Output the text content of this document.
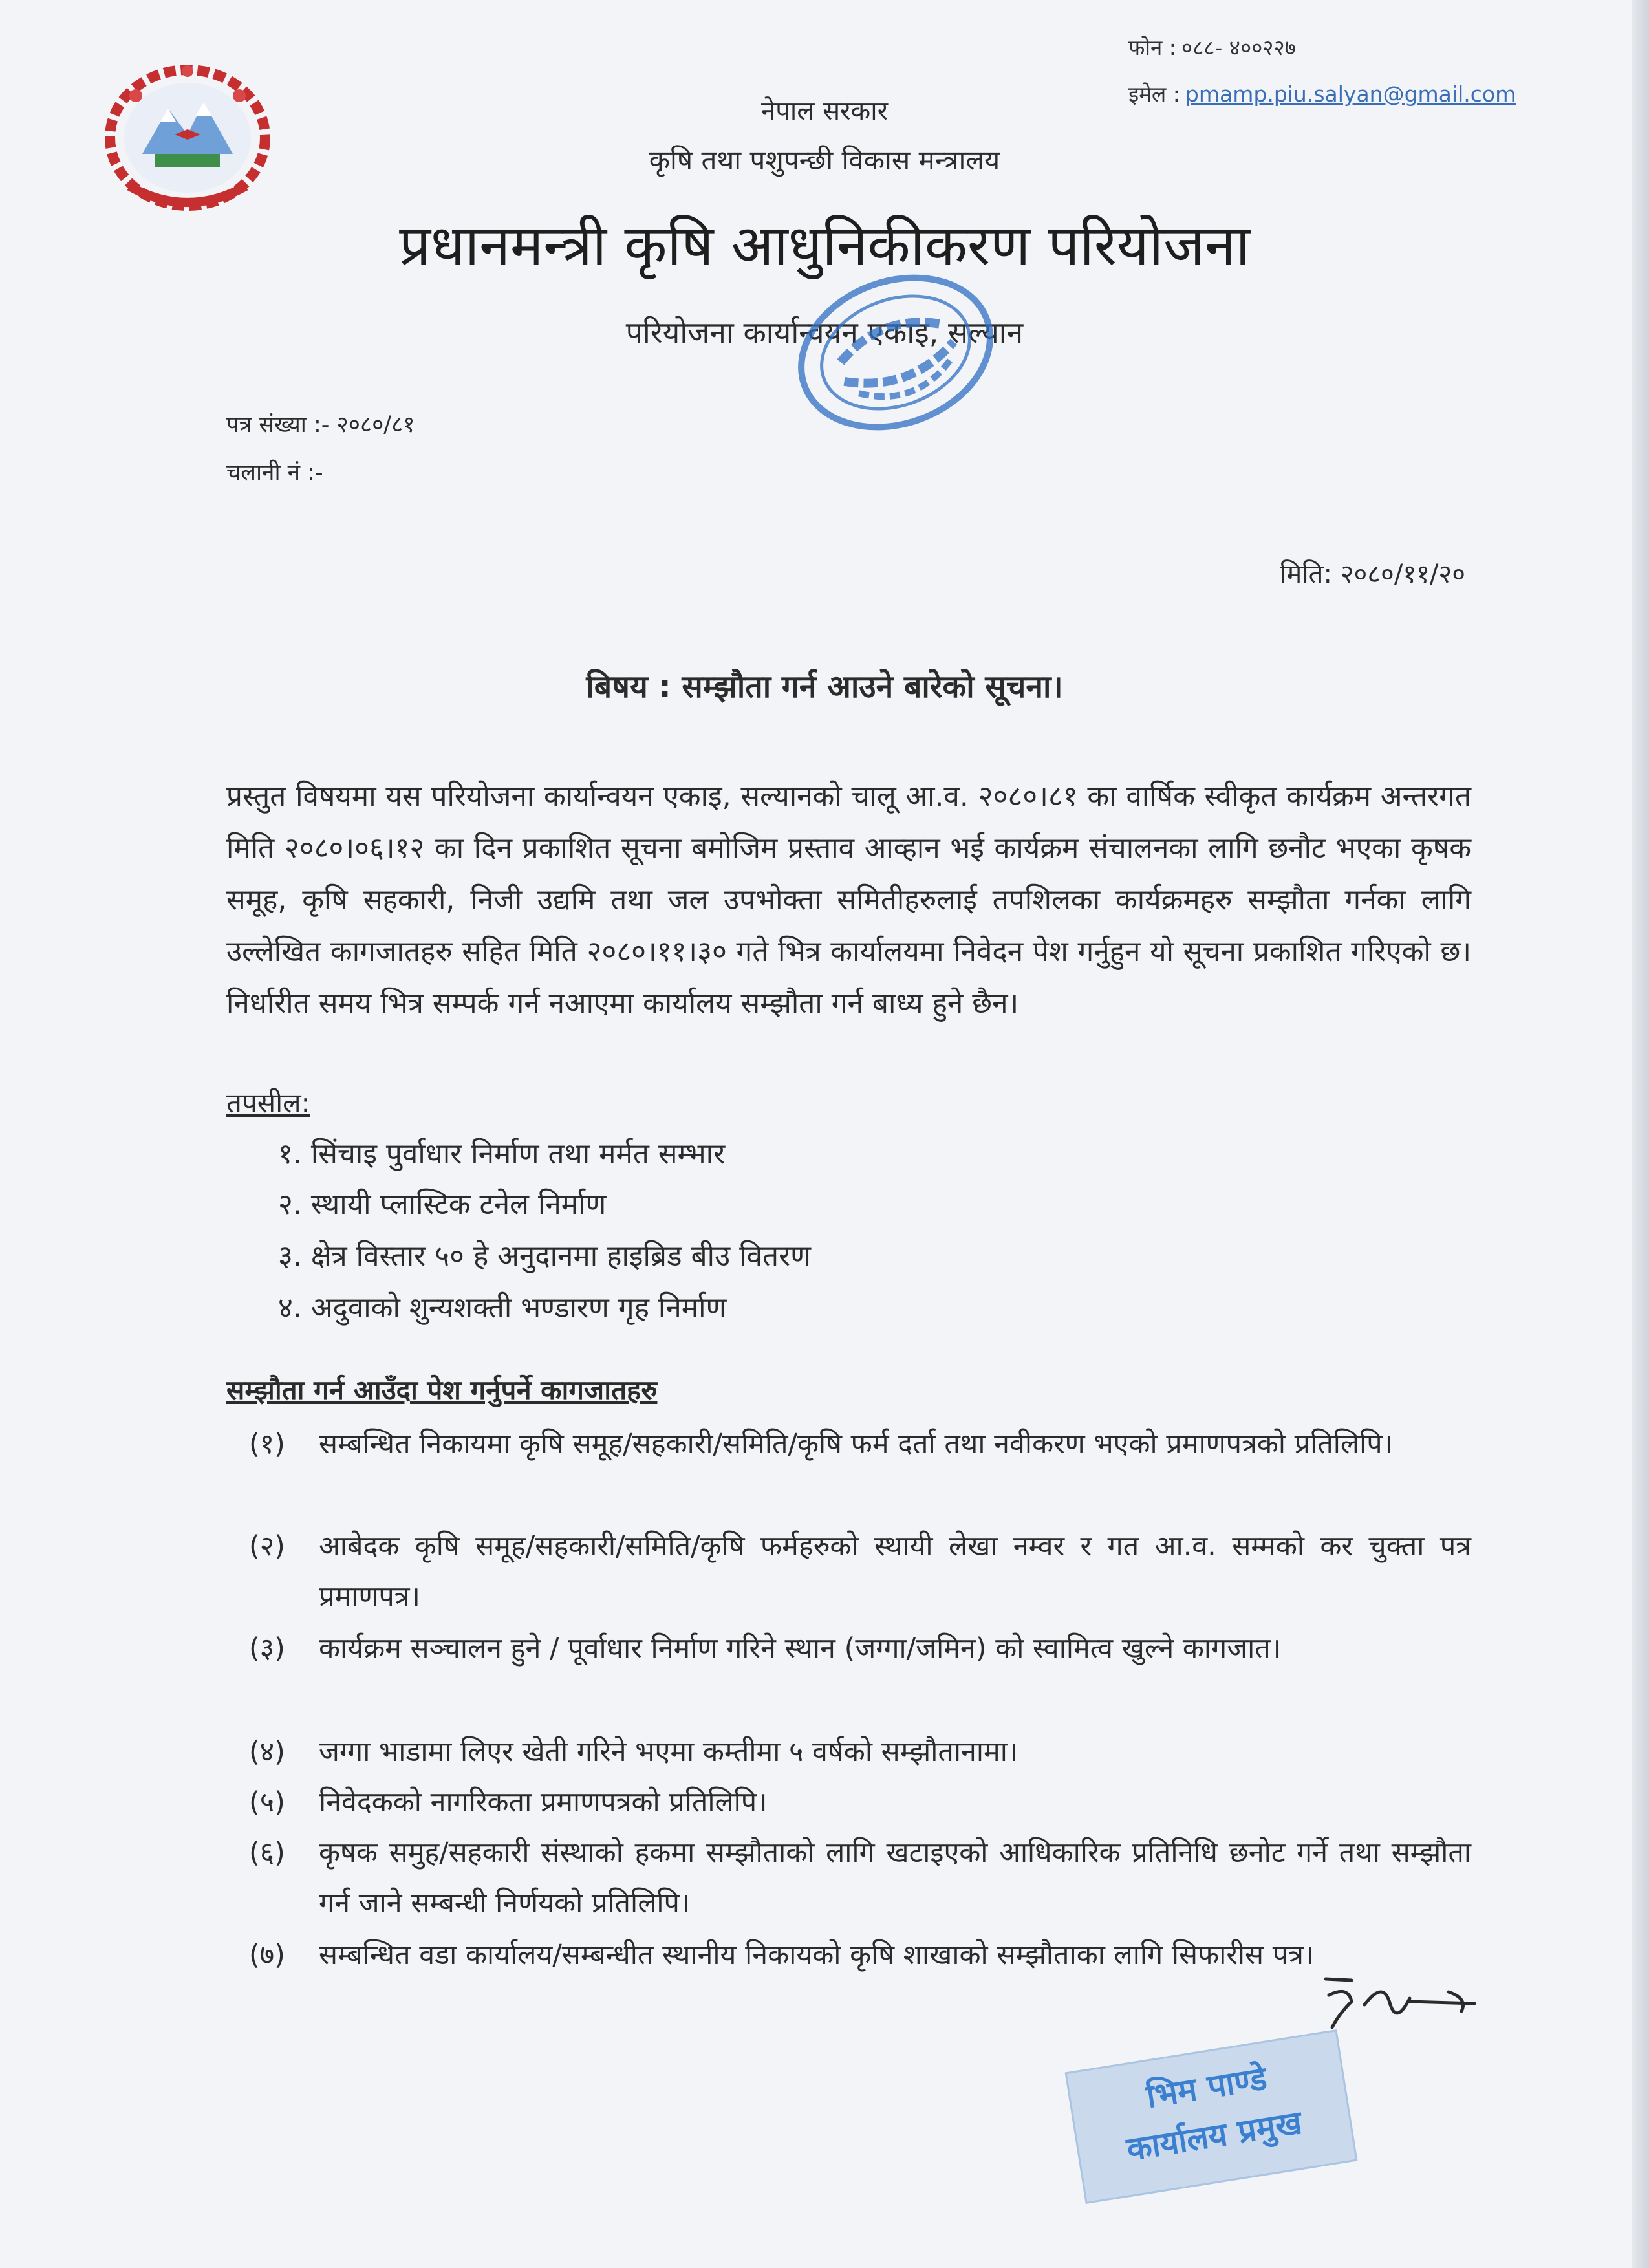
फोन : ०८८- ४००२२७
इमेल : pmamp.piu.salyan@gmail.com
नेपाल सरकार
कृषि तथा पशुपन्छी विकास मन्त्रालय
प्रधानमन्त्री कृषि आधुनिकीकरण परियोजना
परियोजना कार्यान्वयन एकाइ, सल्यान
पत्र संख्या :- २०८०/८१
चलानी नं :-
मिति: २०८०/११/२०
बिषय : सम्झौता गर्न आउने बारेको सूचना।
प्रस्तुत विषयमा यस परियोजना कार्यान्वयन एकाइ, सल्यानको चालू आ.व. २०८०।८१ का वार्षिक स्वीकृत कार्यक्रम अन्तरगत मिति २०८०।०६।१२ का दिन प्रकाशित सूचना बमोजिम प्रस्ताव आव्हान भई कार्यक्रम संचालनका लागि छनौट भएका कृषक समूह, कृषि सहकारी, निजी उद्यमि तथा जल उपभोक्ता समितीहरुलाई तपशिलका कार्यक्रमहरु सम्झौता गर्नका लागि उल्लेखित कागजातहरु सहित मिति २०८०।११।३० गते भित्र कार्यालयमा निवेदन पेश गर्नुहुन यो सूचना प्रकाशित गरिएको छ। निर्धारीत समय भित्र सम्पर्क गर्न नआएमा कार्यालय सम्झौता गर्न बाध्य हुने छैन।
तपसील:
१. सिंचाइ पुर्वाधार निर्माण तथा मर्मत सम्भार
२. स्थायी प्लास्टिक टनेल निर्माण
३. क्षेत्र विस्तार ५० हे अनुदानमा हाइब्रिड बीउ वितरण
४. अदुवाको शुन्यशक्ती भण्डारण गृह निर्माण
सम्झौता गर्न आउँदा पेश गर्नुपर्ने कागजातहरु
(१)	सम्बन्धित निकायमा कृषि समूह/सहकारी/समिति/कृषि फर्म दर्ता तथा नवीकरण भएको प्रमाणपत्रको प्रतिलिपि।
(२)	आबेदक कृषि समूह/सहकारी/समिति/कृषि फर्महरुको स्थायी लेखा नम्वर र गत आ.व. सम्मको कर चुक्ता पत्र प्रमाणपत्र।
(३)	कार्यक्रम सञ्चालन हुने / पूर्वाधार निर्माण गरिने स्थान (जग्गा/जमिन) को स्वामित्व खुल्ने कागजात।
(४)	जग्गा भाडामा लिएर खेती गरिने भएमा कम्तीमा ५ वर्षको सम्झौतानामा।
(५)	निवेदकको नागरिकता प्रमाणपत्रको प्रतिलिपि।
(६)	कृषक समुह/सहकारी संस्थाको हकमा सम्झौताको लागि खटाइएको आधिकारिक प्रतिनिधि छनोट गर्ने तथा सम्झौता गर्न जाने सम्बन्धी निर्णयको प्रतिलिपि।
(७)	सम्बन्धित वडा कार्यालय/सम्बन्धीत स्थानीय निकायको कृषि शाखाको सम्झौताका लागि सिफारीस पत्र।
भिम पाण्डे
कार्यालय प्रमुख
